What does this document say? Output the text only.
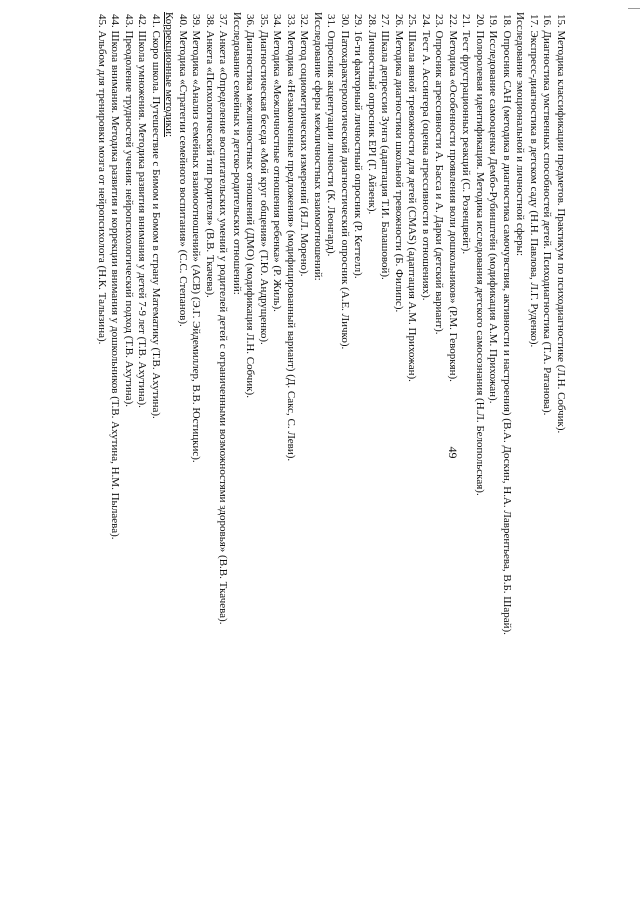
49
15. Методика классификации предметов. Практикум по психодиагностике (Л.Н. Собчик).
16. Диагностика умственных способностей детей. Психодиагностика (Т.А. Ратанова).
17. Экспресс-диагностика в детском саду (Н.Н. Павлова, Л.Г. Руденко).
Исследование эмоциональной и личностной сферы:
18. Опросник САН (методика в диагностика самочувствия, активности и настроения) (В.А. Доскин, Н.А. Лаврентьева, В.Б. Шарай).
19. Исследование самооценки Дембо-Рубинштейн (модификация А.М. Прихожан).
20. Полоролевая идентификация. Методика исследования детского самосознания (Н.Л. Белопольская).
21. Тест фрустрационных реакций (С. Розенцвейг).
22. Методика «Особенности проявления воли дошкольников» (Р.М. Геворкян).
23. Опросник агрессивности А. Басса и А. Дарки (детский вариант).
24. Тест А. Ассингера (оценка агрессивности в отношениях).
25. Шкала явной тревожности для детей (CMAS) (адаптация А.М. Прихожан).
26. Методика диагностики школьной тревожности (Б. Филипс).
27. Шкала депрессии Зунга (адаптация Т.И. Балашовой).
28. Личностный опросник EPI (Г. Айзенк).
29. 16-ти факторный личностный опросник (Р. Кеттелл).
30. Патохарактерологический диагностический опросник (А.Е. Личко).
31. Опросник акцентуации личности (К. Леонгард).
Исследование сферы межличностных взаимоотношений:
32. Метод социометрических измерений (Я.Л. Морено).
33. Методика «Незаконченные предложения» (модифицированный вариант) (Д. Сакс, С. Леви).
34. Методика «Межличностные отношения ребенка» (Р. Жиль).
35. Диагностическая беседа «Мой круг общения» (Т.Ю. Андрущенко).
36. Диагностика межличностных отношений (ДМО) (модификация Л.Н. Собчик).
Исследование семейных и детско-родительских отношений:
37. Анкета «Определение воспитательских умений у родителей детей с ограниченными возможностями здоровья» (В.В. Ткачева).
38. Анкета «Психологический тип родителя» (В.В. Ткачева).
39. Методика «Анализ семейных взаимоотношений» (АСВ) (Э.Г. Эйдемиллер, В.В. Юстицкис).
40. Методика «Стратегии семейного воспитания» (С.С. Степанов).
Коррекционные методики:
41. Скоро школа. Путешествие с Бимом и Бомом в страну Математику (Т.В. Ахутина).
42. Школа умножения. Методика развития внимания у детей 7-9 лет (Т.В. Ахутина).
43. Преодоление трудностей учения: нейропсихологический подход (Т.В. Ахутина).
44. Школа внимания. Методика развития и коррекции внимания у дошкольников (Т.В. Ахутина, Н.М. Пылаева).
45. Альбом для тренировки мозга от нейропсихолога (Н.К. Талызина).
